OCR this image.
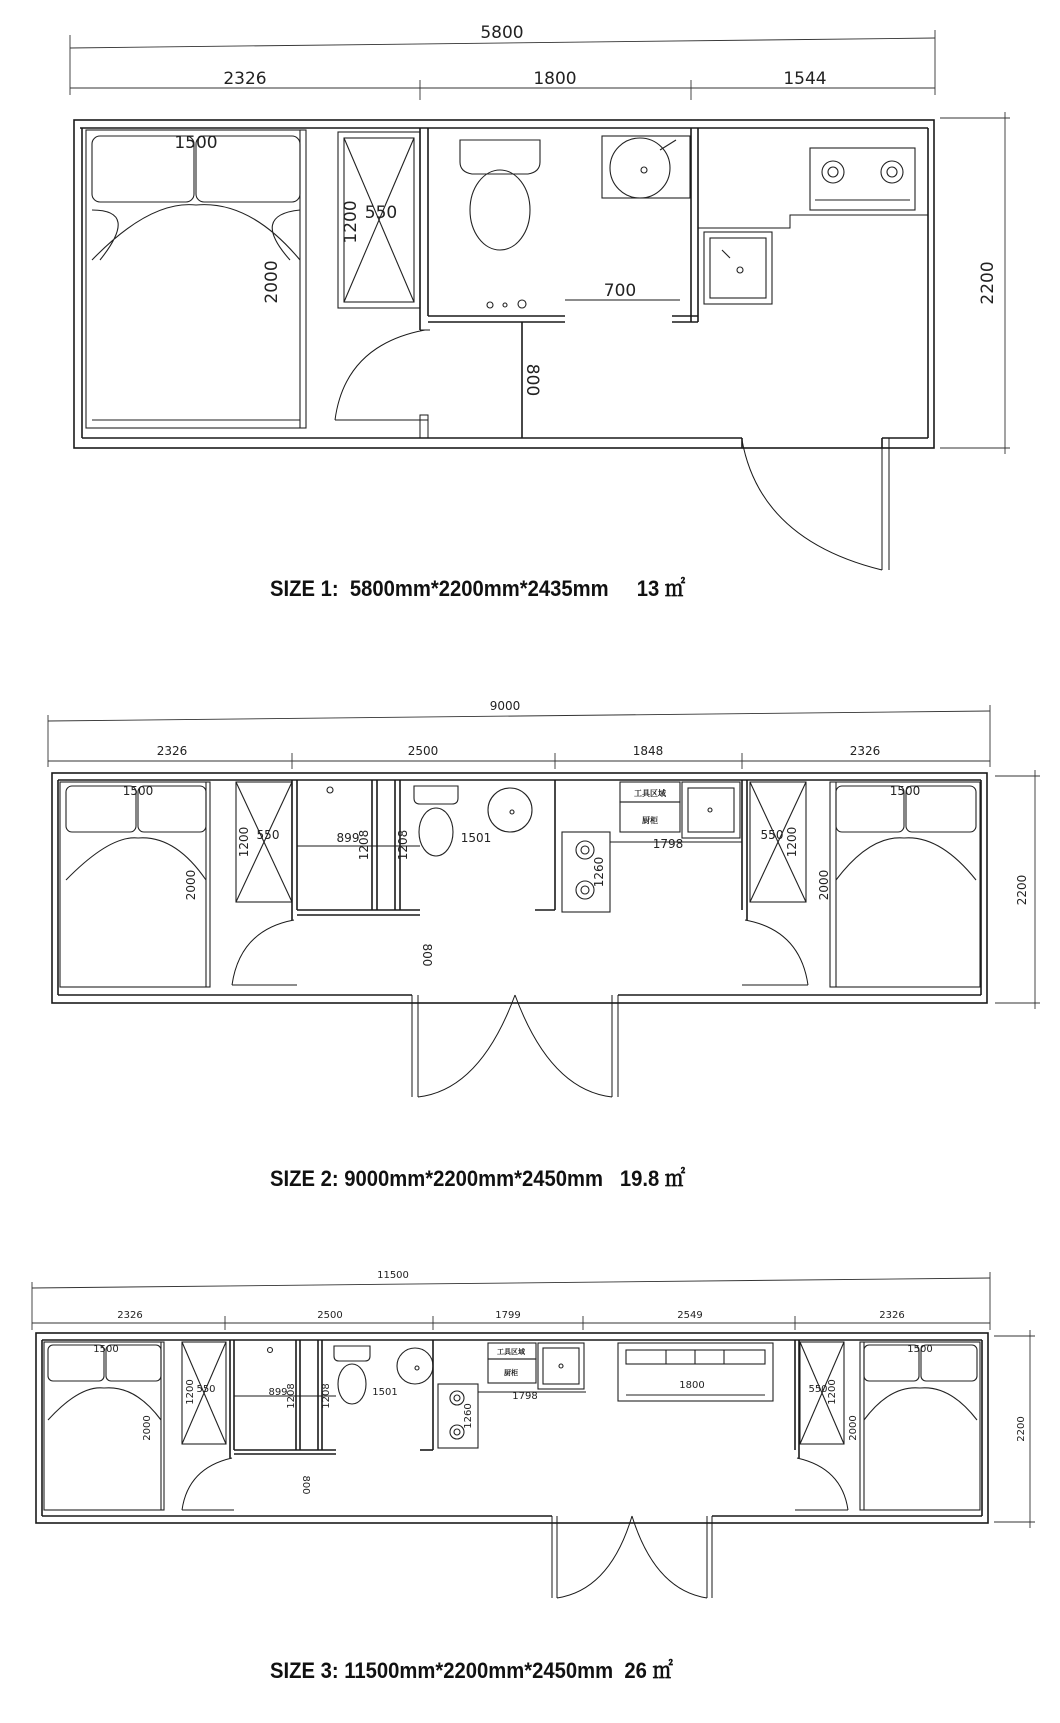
5800
2326	1800	1544
2200
1500
2000
1200 550
700
800
9000
2326	2500	1848	2326
2200
1500
2000
1200 550	899
1208 1208	1501
800
工具区域
厨柜
1798
1260
550 1200
1500
2000
11500
2326	2500	1799	2549	2326
2200
1500
2000
1200 550	899
1208 1208	1501
800
工具区域
厨柜
1798
1260
1800	550 1200
1500
2000
SIZE 1:  5800mm*2200mm*2435mm     13 ㎡
SIZE 2: 9000mm*2200mm*2450mm   19.8 ㎡
SIZE 3: 11500mm*2200mm*2450mm  26 ㎡
